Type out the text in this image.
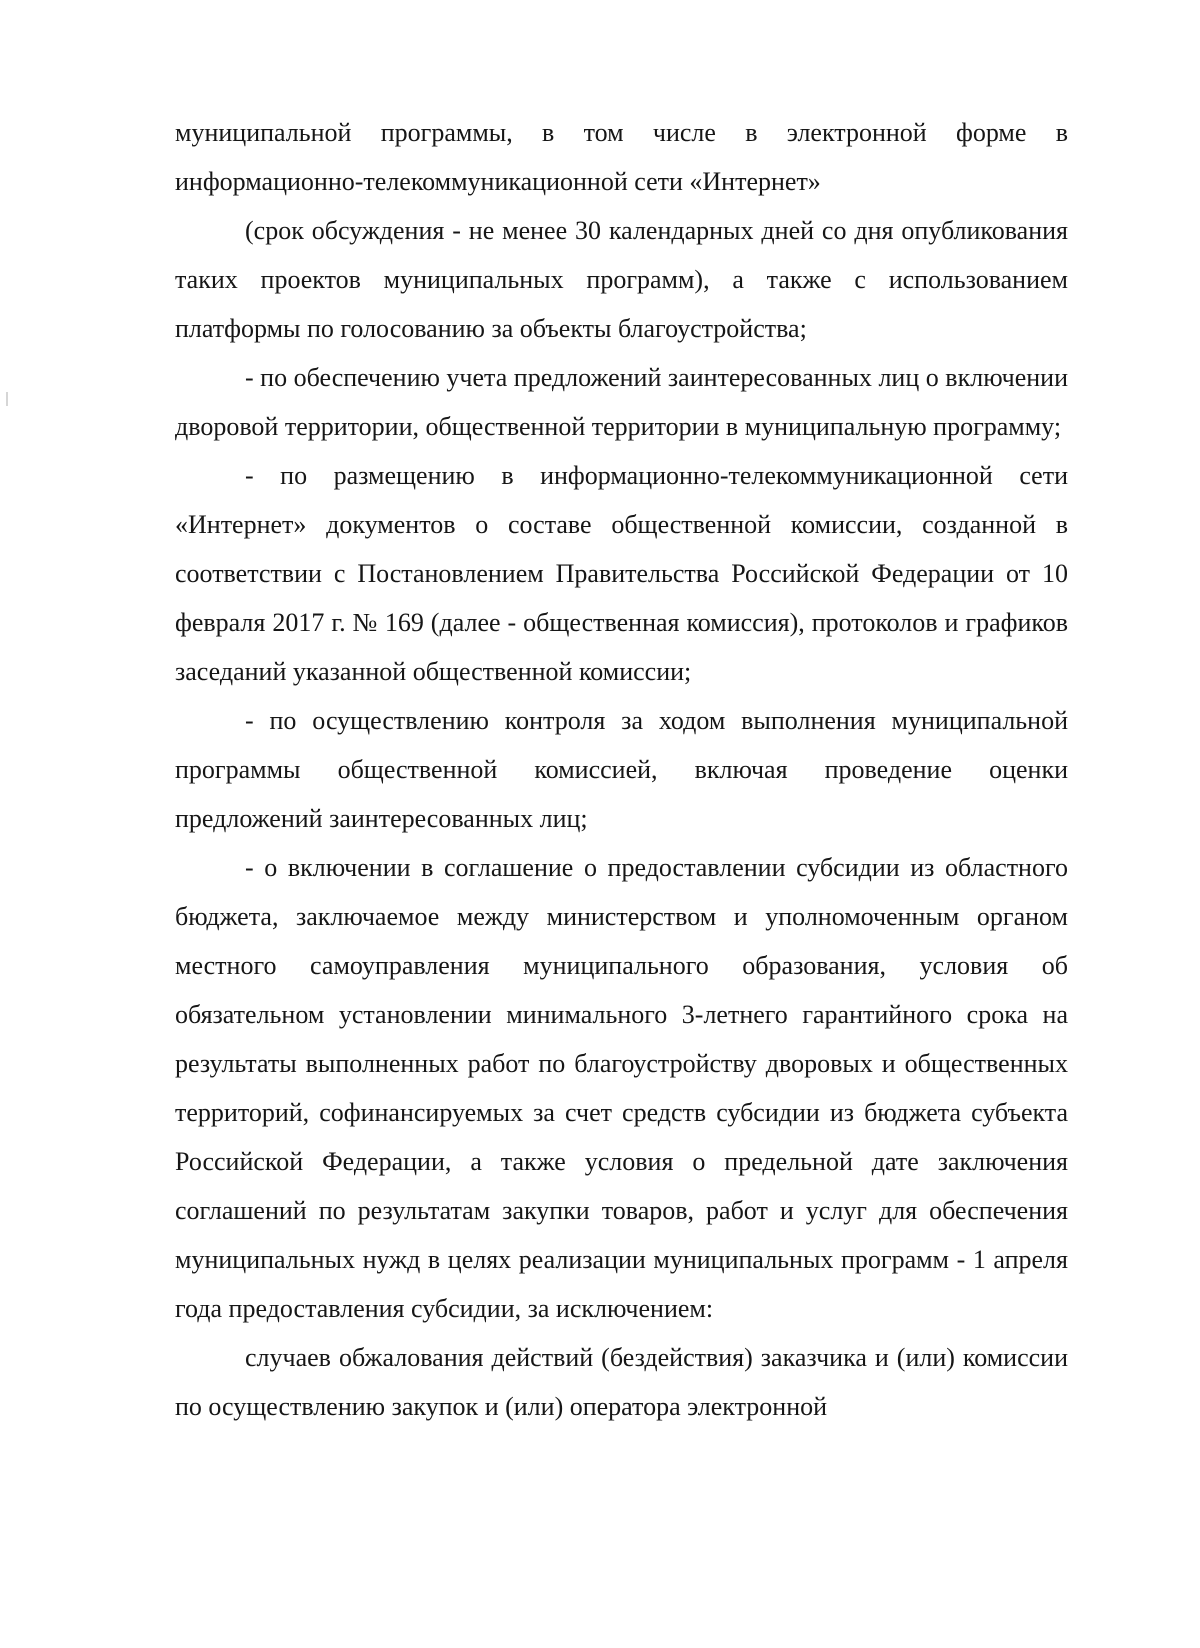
муниципальной программы, в том числе в электронной форме в информационно-телекоммуникационной сети «Интернет»

(срок обсуждения - не менее 30 календарных дней со дня опубликования таких проектов муниципальных программ), а также с использованием платформы по голосованию за объекты благоустройства;

- по обеспечению учета предложений заинтересованных лиц о включении дворовой территории, общественной территории в муниципальную программу;

- по размещению в информационно-телекоммуникационной сети «Интернет» документов о составе общественной комиссии, созданной в соответствии с Постановлением Правительства Российской Федерации от 10 февраля 2017 г. № 169 (далее - общественная комиссия), протоколов и графиков заседаний указанной общественной комиссии;

- по осуществлению контроля за ходом выполнения муниципальной программы общественной комиссией, включая проведение оценки предложений заинтересованных лиц;

- о включении в соглашение о предоставлении субсидии из областного бюджета, заключаемое между министерством и уполномоченным органом местного самоуправления муниципального образования, условия об обязательном установлении минимального 3-летнего гарантийного срока на результаты выполненных работ по благоустройству дворовых и общественных территорий, софинансируемых за счет средств субсидии из бюджета субъекта Российской Федерации, а также условия о предельной дате заключения соглашений по результатам закупки товаров, работ и услуг для обеспечения муниципальных нужд в целях реализации муниципальных программ - 1 апреля года предоставления субсидии, за исключением:

случаев обжалования действий (бездействия) заказчика и (или) комиссии по осуществлению закупок и (или) оператора электронной
